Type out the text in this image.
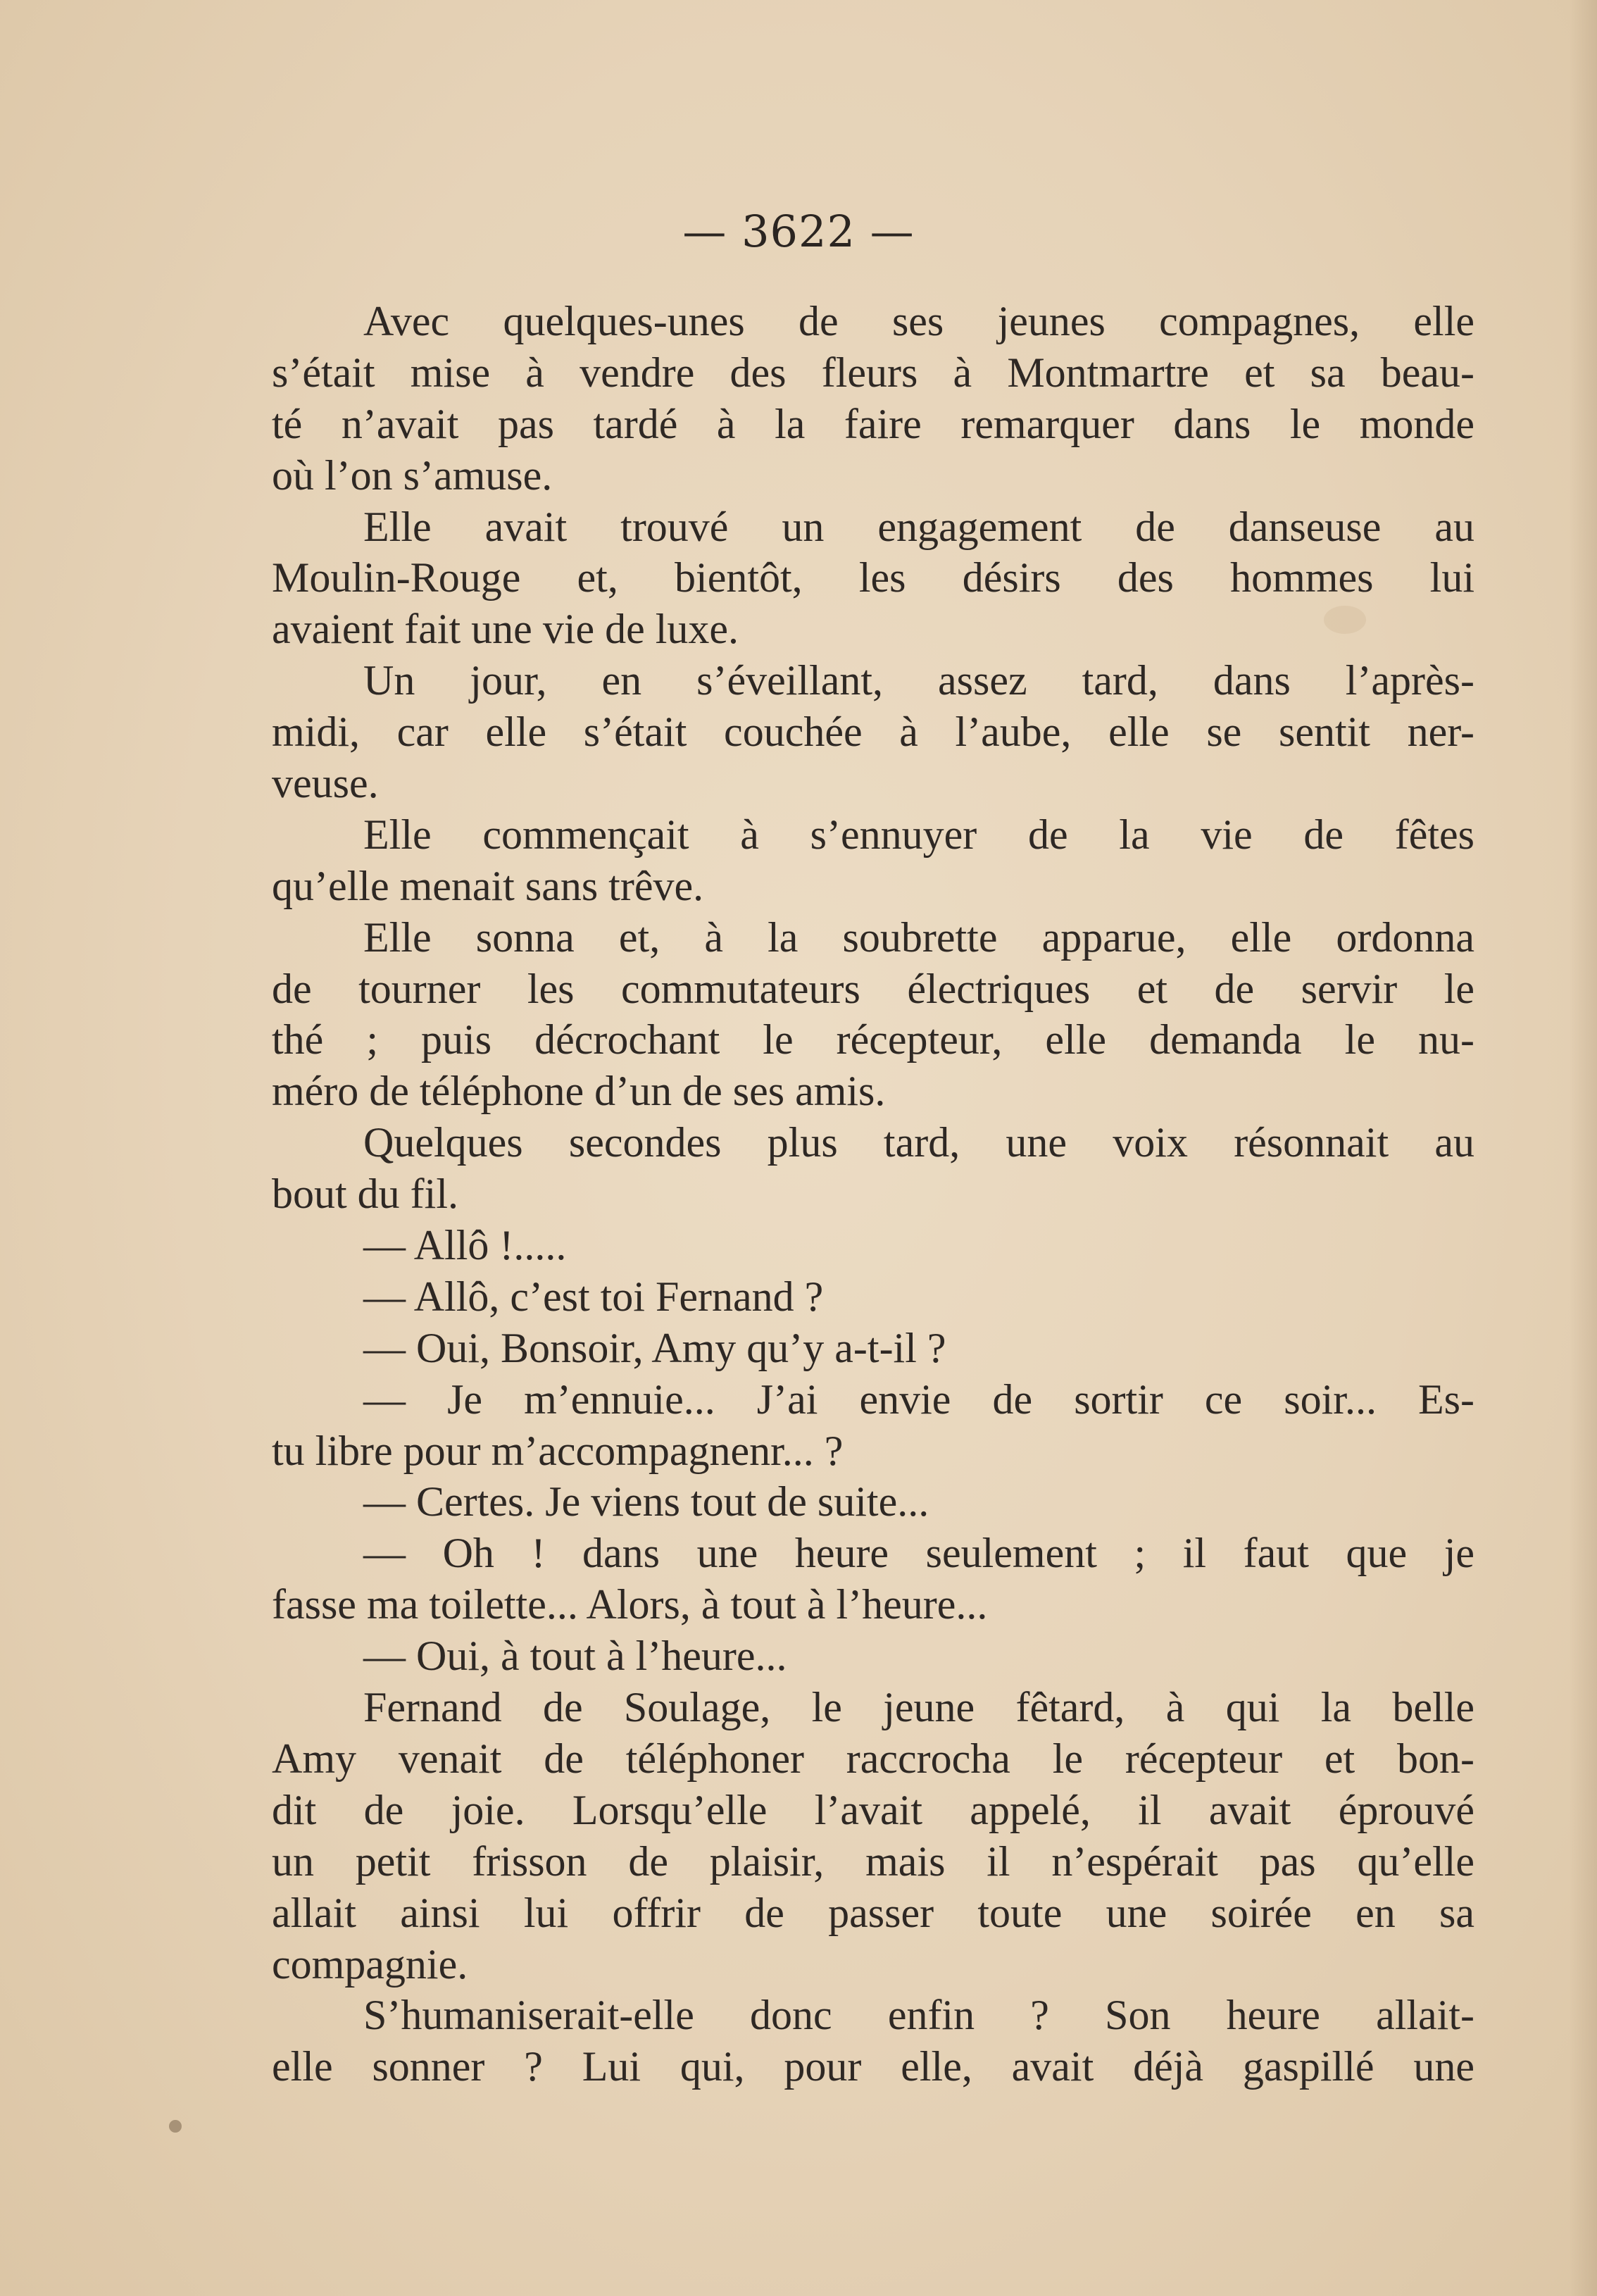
— 3622 —
Avec quelques-unes de ses jeunes compagnes, elle
s’était mise à vendre des fleurs à Montmartre et sa beau-
té n’avait pas tardé à la faire remarquer dans le monde
où l’on s’amuse.
Elle avait trouvé un engagement de danseuse au
Moulin-Rouge et, bientôt, les désirs des hommes lui
avaient fait une vie de luxe.
Un jour, en s’éveillant, assez tard, dans l’après-
midi, car elle s’était couchée à l’aube, elle se sentit ner-
veuse.
Elle commençait à s’ennuyer de la vie de fêtes
qu’elle menait sans trêve.
Elle sonna et, à la soubrette apparue, elle ordonna
de tourner les commutateurs électriques et de servir le
thé ; puis décrochant le récepteur, elle demanda le nu-
méro de téléphone d’un de ses amis.
Quelques secondes plus tard, une voix résonnait au
bout du fil.
— Allô !.....
— Allô, c’est toi Fernand ?
— Oui, Bonsoir, Amy qu’y a-t-il ?
— Je m’ennuie... J’ai envie de sortir ce soir... Es-
tu libre pour m’accompagnenr... ?
— Certes. Je viens tout de suite...
— Oh ! dans une heure seulement ; il faut que je
fasse ma toilette... Alors, à tout à l’heure...
— Oui, à tout à l’heure...
Fernand de Soulage, le jeune fêtard, à qui la belle
Amy venait de téléphoner raccrocha le récepteur et bon-
dit de joie. Lorsqu’elle l’avait appelé, il avait éprouvé
un petit frisson de plaisir, mais il n’espérait pas qu’elle
allait ainsi lui offrir de passer toute une soirée en sa
compagnie.
S’humaniserait-elle donc enfin ? Son heure allait-
elle sonner ? Lui qui, pour elle, avait déjà gaspillé une
